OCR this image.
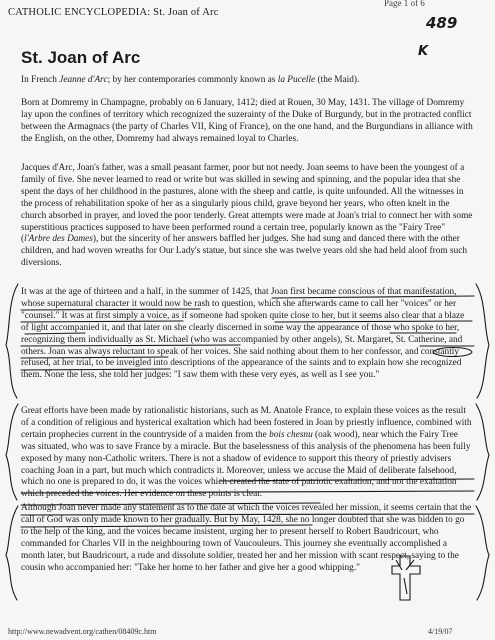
CATHOLIC ENCYCLOPEDIA: St. Joan of Arc
Page 1 of 6
489
K
St. Joan of Arc

In French Jeanne d'Arc; by her contemporaries commonly known as la Pucelle (the Maid).

Born at Domremy in Champagne, probably on 6 January, 1412; died at Rouen, 30 May, 1431. The village of Domremy lay upon the confines of territory which recognized the suzerainty of the Duke of Burgundy, but in the protracted conflict between the Armagnacs (the party of Charles VII, King of France), on the one hand, and the Burgundians in alliance with the English, on the other, Domremy had always remained loyal to Charles.

Jacques d'Arc, Joan's father, was a small peasant farmer, poor but not needy. Joan seems to have been the youngest of a family of five. She never learned to read or write but was skilled in sewing and spinning, and the popular idea that she spent the days of her childhood in the pastures, alone with the sheep and cattle, is quite unfounded. All the witnesses in the process of rehabilitation spoke of her as a singularly pious child, grave beyond her years, who often knelt in the church absorbed in prayer, and loved the poor tenderly. Great attempts were made at Joan's trial to connect her with some superstitious practices supposed to have been performed round a certain tree, popularly known as the "Fairy Tree" (l'Arbre des Dames), but the sincerity of her answers baffled her judges. She had sung and danced there with the other children, and had woven wreaths for Our Lady's statue, but since she was twelve years old she had held aloof from such diversions.

It was at the age of thirteen and a half, in the summer of 1425, that Joan first became conscious of that manifestation, whose supernatural character it would now be rash to question, which she afterwards came to call her "voices" or her "counsel." It was at first simply a voice, as if someone had spoken quite close to her, but it seems also clear that a blaze of light accompanied it, and that later on she clearly discerned in some way the appearance of those who spoke to her, recognizing them individually as St. Michael (who was accompanied by other angels), St. Margaret, St. Catherine, and others. Joan was always reluctant to speak of her voices. She said nothing about them to her confessor, and constantly refused, at her trial, to be inveigled into descriptions of the appearance of the saints and to explain how she recognized them. None the less, she told her judges: "I saw them with these very eyes, as well as I see you."

Great efforts have been made by rationalistic historians, such as M. Anatole France, to explain these voices as the result of a condition of religious and hysterical exaltation which had been fostered in Joan by priestly influence, combined with certain prophecies current in the countryside of a maiden from the bois chesnu (oak wood), near which the Fairy Tree was situated, who was to save France by a miracle. But the baselessness of this analysis of the phenomena has been fully exposed by many non-Catholic writers. There is not a shadow of evidence to support this theory of priestly advisers coaching Joan in a part, but much which contradicts it. Moreover, unless we accuse the Maid of deliberate falsehood, which no one is prepared to do, it was the voices which created the state of patriotic exaltation, and not the exaltation which preceded the voices. Her evidence on these points is clear.

Although Joan never made any statement as to the date at which the voices revealed her mission, it seems certain that the call of God was only made known to her gradually. But by May, 1428, she no longer doubted that she was bidden to go to the help of the king, and the voices became insistent, urging her to present herself to Robert Baudricourt, who commanded for Charles VII in the neighbouring town of Vaucouleurs. This journey she eventually accomplished a month later, but Baudricourt, a rude and dissolute soldier, treated her and her mission with scant respect, saying to the cousin who accompanied her: "Take her home to her father and give her a good whipping."

http://www.newadvent.org/cathen/08409c.htm	4/19/07
